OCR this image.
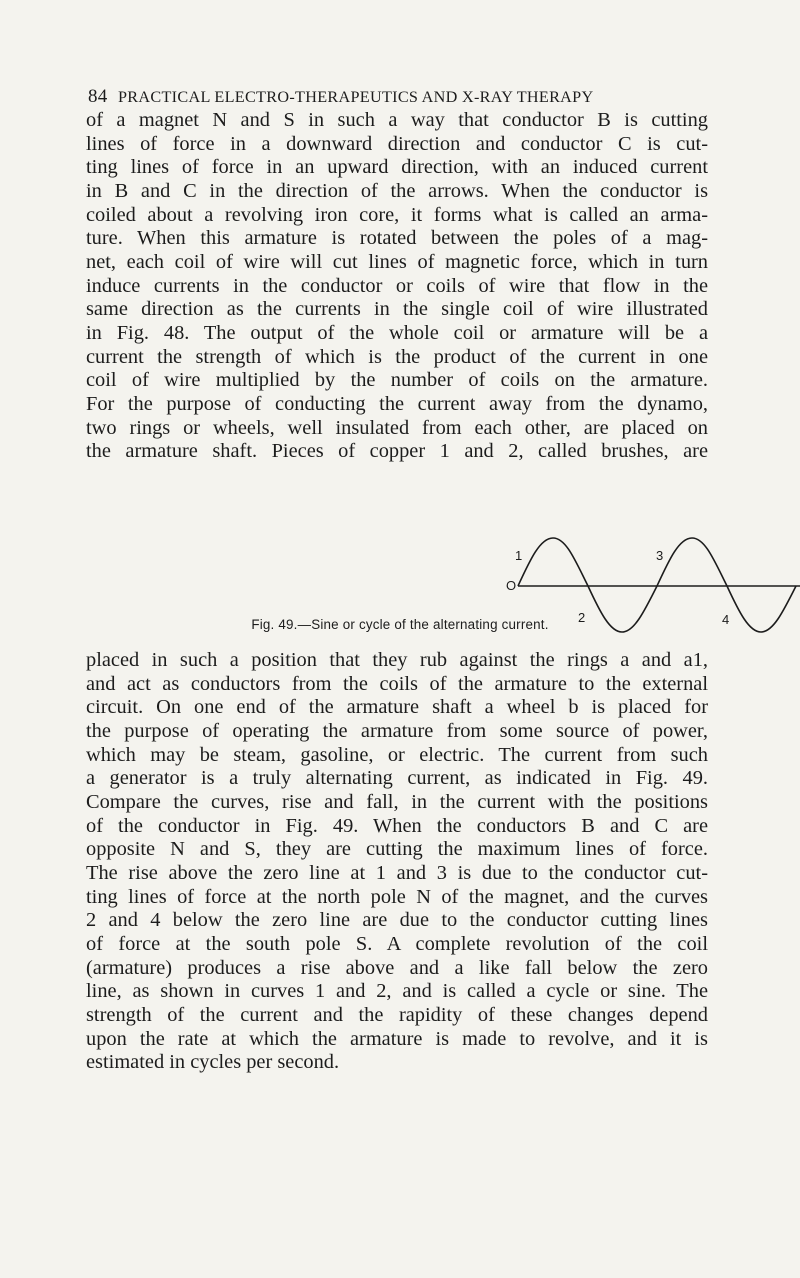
84 PRACTICAL ELECTRO-THERAPEUTICS AND X-RAY THERAPY
of a magnet N and S in such a way that conductor B is cutting
lines of force in a downward direction and conductor C is cut-
ting lines of force in an upward direction, with an induced current
in B and C in the direction of the arrows. When the conductor is
coiled about a revolving iron core, it forms what is called an arma-
ture. When this armature is rotated between the poles of a mag-
net, each coil of wire will cut lines of magnetic force, which in turn
induce currents in the conductor or coils of wire that flow in the
same direction as the currents in the single coil of wire illustrated
in Fig. 48. The output of the whole coil or armature will be a
current the strength of which is the product of the current in one
coil of wire multiplied by the number of coils on the armature.
For the purpose of conducting the current away from the dynamo,
two rings or wheels, well insulated from each other, are placed on
the armature shaft. Pieces of copper 1 and 2, called brushes, are
O
1
2
3
4
Fig. 49.—Sine or cycle of the alternating current.
placed in such a position that they rub against the rings a and a1,
and act as conductors from the coils of the armature to the external
circuit. On one end of the armature shaft a wheel b is placed for
the purpose of operating the armature from some source of power,
which may be steam, gasoline, or electric. The current from such
a generator is a truly alternating current, as indicated in Fig. 49.
Compare the curves, rise and fall, in the current with the positions
of the conductor in Fig. 49. When the conductors B and C are
opposite N and S, they are cutting the maximum lines of force.
The rise above the zero line at 1 and 3 is due to the conductor cut-
ting lines of force at the north pole N of the magnet, and the curves
2 and 4 below the zero line are due to the conductor cutting lines
of force at the south pole S. A complete revolution of the coil
(armature) produces a rise above and a like fall below the zero
line, as shown in curves 1 and 2, and is called a cycle or sine. The
strength of the current and the rapidity of these changes depend
upon the rate at which the armature is made to revolve, and it is
estimated in cycles per second.
